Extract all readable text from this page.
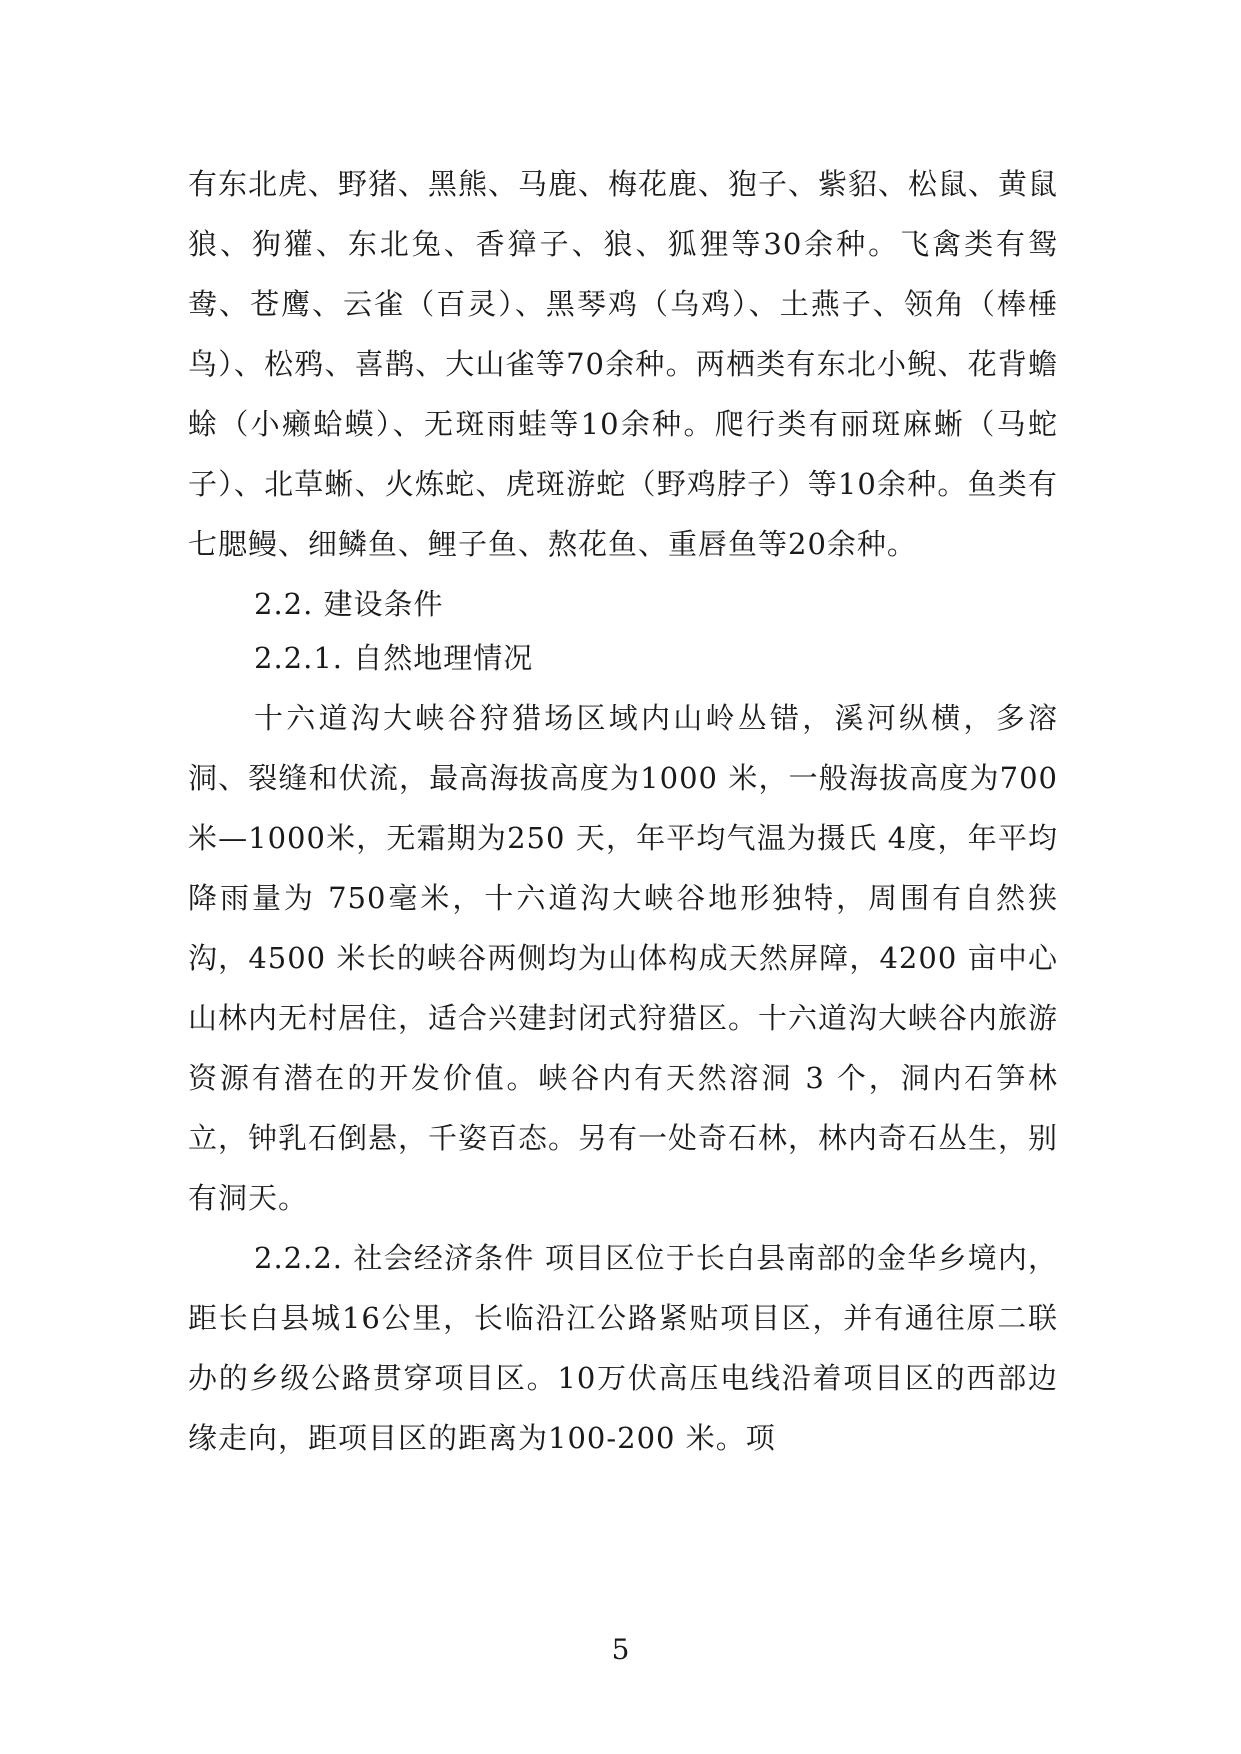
有东北虎、野猪、黑熊、马鹿、梅花鹿、狍子、紫貂、松鼠、黄鼠狼、狗獾、东北兔、香獐子、狼、狐狸等30余种。飞禽类有鸳鸯、苍鹰、云雀（百灵）、黑琴鸡（乌鸡）、土燕子、领角（棒棰鸟）、松鸦、喜鹊、大山雀等70余种。两栖类有东北小鲵、花背蟾蜍（小癞蛤蟆）、无斑雨蛙等10余种。爬行类有丽斑麻蜥（马蛇子）、北草蜥、火炼蛇、虎斑游蛇（野鸡脖子）等10余种。鱼类有七腮鳗、细鳞鱼、鲤子鱼、熬花鱼、重唇鱼等20余种。

2.2. 建设条件

2.2.1. 自然地理情况

十六道沟大峡谷狩猎场区域内山岭丛错，溪河纵横，多溶洞、裂缝和伏流，最高海拔高度为1000 米，一般海拔高度为700米—1000米，无霜期为250 天，年平均气温为摄氏 4度，年平均降雨量为 750毫米，十六道沟大峡谷地形独特，周围有自然狭沟，4500 米长的峡谷两侧均为山体构成天然屏障，4200 亩中心山林内无村居住，适合兴建封闭式狩猎区。十六道沟大峡谷内旅游资源有潜在的开发价值。峡谷内有天然溶洞 3 个，洞内石笋林立，钟乳石倒悬，千姿百态。另有一处奇石林，林内奇石丛生，别有洞天。

2.2.2. 社会经济条件 项目区位于长白县南部的金华乡境内，距长白县城16公里，长临沿江公路紧贴项目区，并有通往原二联办的乡级公路贯穿项目区。10万伏高压电线沿着项目区的西部边缘走向，距项目区的距离为100-200 米。项

5
